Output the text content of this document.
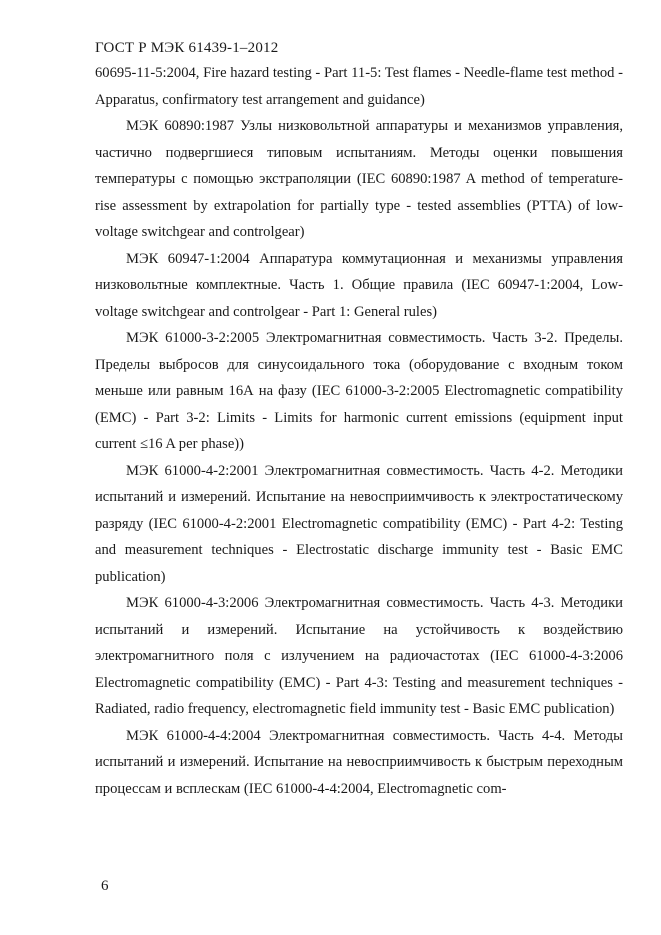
ГОСТ Р МЭК 61439-1–2012

60695-11-5:2004, Fire hazard testing - Part 11-5: Test flames - Needle-flame test method - Apparatus, confirmatory test arrangement and guidance)

МЭК 60890:1987 Узлы низковольтной аппаратуры и механизмов управления, частично подвергшиеся типовым испытаниям. Методы оценки повышения температуры с помощью экстраполяции (IEC 60890:1987 A method of temperature-rise assessment by extrapolation for partially type - tested assemblies (PTTA) of low-voltage switchgear and controlgear)

МЭК 60947-1:2004 Аппаратура коммутационная и механизмы управления низковольтные комплектные. Часть 1. Общие правила (IEC 60947-1:2004, Low-voltage switchgear and controlgear - Part 1: General rules)

МЭК 61000-3-2:2005 Электромагнитная совместимость. Часть 3-2. Пределы. Пределы выбросов для синусоидального тока (оборудование с входным током меньше или равным 16А на фазу (IEC 61000-3-2:2005 Electromagnetic compatibility (EMC) - Part 3-2: Limits - Limits for harmonic current emissions (equipment input current ≤16 A per phase))

МЭК 61000-4-2:2001 Электромагнитная совместимость. Часть 4-2. Методики испытаний и измерений. Испытание на невосприимчивость к электростатическому разряду (IEC 61000-4-2:2001 Electromagnetic compatibility (EMC) - Part 4-2: Testing and measurement techniques - Electrostatic discharge immunity test - Basic EMC publication)

МЭК 61000-4-3:2006 Электромагнитная совместимость. Часть 4-3. Методики испытаний и измерений. Испытание на устойчивость к воздействию электромагнитного поля с излучением на радиочастотах (IEC 61000-4-3:2006 Electromagnetic compatibility (EMC) - Part 4-3: Testing and measurement techniques - Radiated, radio frequency, electromagnetic field immunity test - Basic EMC publication)

МЭК 61000-4-4:2004 Электромагнитная совместимость. Часть 4-4. Методы испытаний и измерений. Испытание на невосприимчивость к быстрым переходным процессам и всплескам (IEC 61000-4-4:2004, Electromagnetic com-

6
